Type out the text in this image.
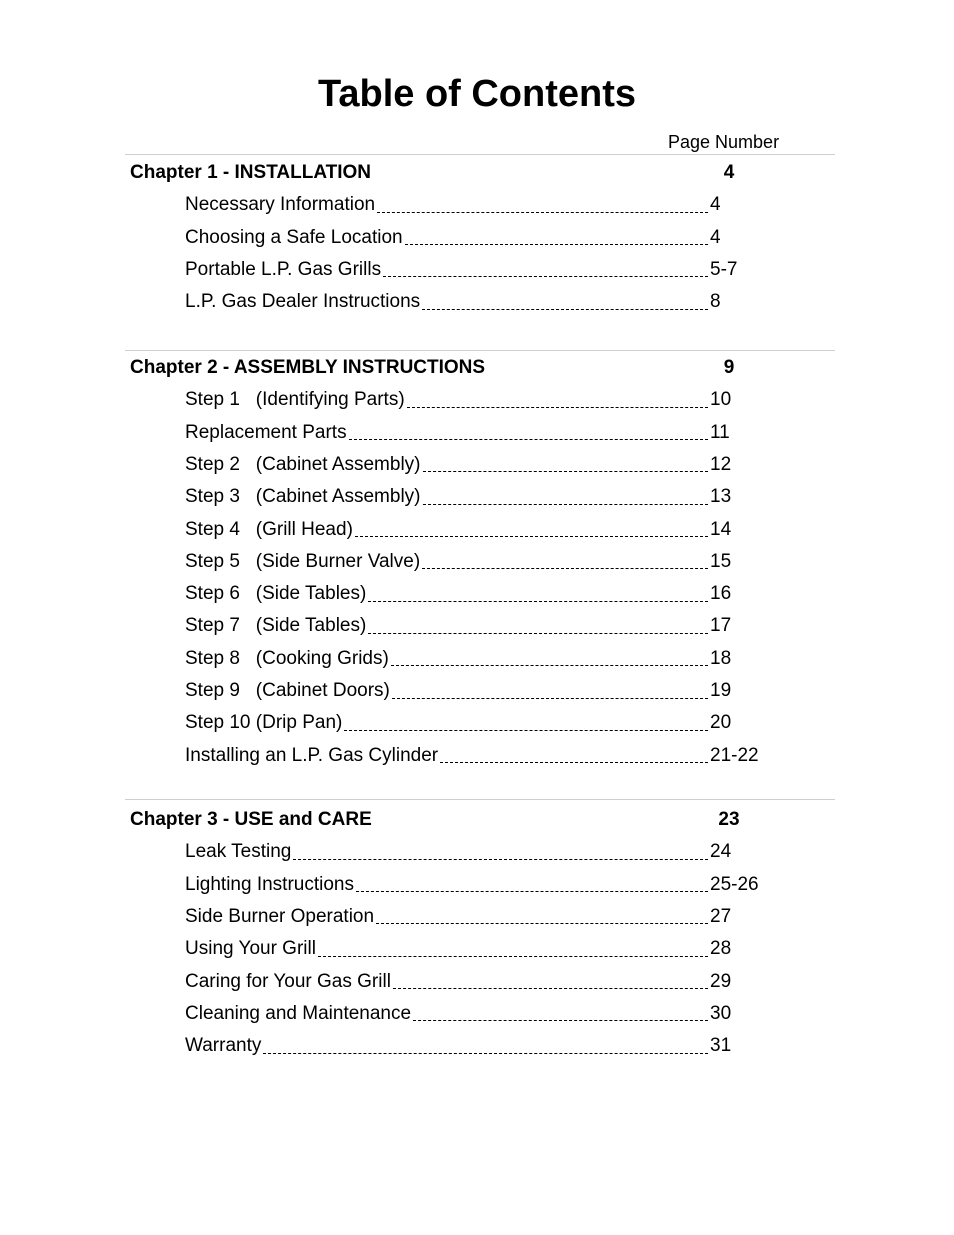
Table of Contents
Page Number
Chapter 1 - INSTALLATION	4
Necessary Information	4
Choosing a Safe Location	4
Portable L.P. Gas Grills	5-7
L.P. Gas Dealer Instructions	8
Chapter 2 - ASSEMBLY INSTRUCTIONS	9
Step 1   (Identifying Parts)	10
Replacement Parts	11
Step 2   (Cabinet Assembly)	12
Step 3   (Cabinet Assembly)	13
Step 4   (Grill Head)	14
Step 5   (Side Burner Valve)	15
Step 6   (Side Tables)	16
Step 7   (Side Tables)	17
Step 8   (Cooking Grids)	18
Step 9   (Cabinet Doors)	19
Step 10 (Drip Pan)	20
Installing an L.P. Gas Cylinder	21-22
Chapter 3 - USE and CARE	23
Leak Testing	24
Lighting Instructions	25-26
Side Burner Operation	27
Using Your Grill	28
Caring for Your Gas Grill	29
Cleaning and Maintenance	30
Warranty	31
